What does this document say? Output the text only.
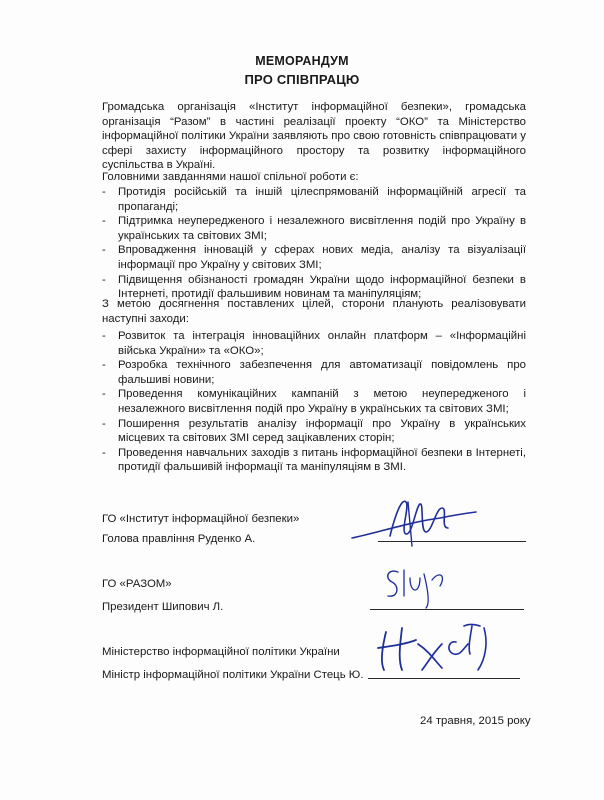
МЕМОРАНДУМ
ПРО СПІВПРАЦЮ
Громадська організація «Інститут інформаційної безпеки», громадська організація “Разом” в частині реалізації проекту “ОКО” та Міністерство інформаційної політики України заявляють про свою готовність співпрацювати у сфері захисту інформаційного простору та розвитку інформаційного суспільства в Україні.
Головними завданнями нашої спільної роботи є:
- Протидія російській та іншій цілеспрямованій інформаційній агресії та пропаганді;
- Підтримка неупередженого і незалежного висвітлення подій про Україну в українських та світових ЗМІ;
- Впровадження інновацій у сферах нових медіа, аналізу та візуалізації інформації про Україну у світових ЗМІ;
- Підвищення обізнаності громадян України щодо інформаційної безпеки в Інтернеті, протидії фальшивим новинам та маніпуляціям;
З метою досягнення поставлених цілей, сторони планують реалізовувати наступні заходи:
- Розвиток та інтеграція інноваційних онлайн платформ – «Інформаційні війська України» та «ОКО»;
- Розробка технічного забезпечення для автоматизації повідомлень про фальшиві новини;
- Проведення комунікаційних кампаній з метою неупередженого і незалежного висвітлення подій про Україну в українських та світових ЗМІ;
- Поширення результатів аналізу інформації про Україну в українських місцевих та світових ЗМІ серед зацікавлених сторін;
- Проведення навчальних заходів з питань інформаційної безпеки в Інтернеті, протидії фальшивій інформації та маніпуляціям в ЗМІ.
ГО «Інститут інформаційної безпеки»
Голова правління Руденко А.
ГО «РАЗОМ»
Президент Шипович Л.
Міністерство інформаційної політики України
Міністр інформаційної політики України Стець Ю.
24 травня, 2015 року
